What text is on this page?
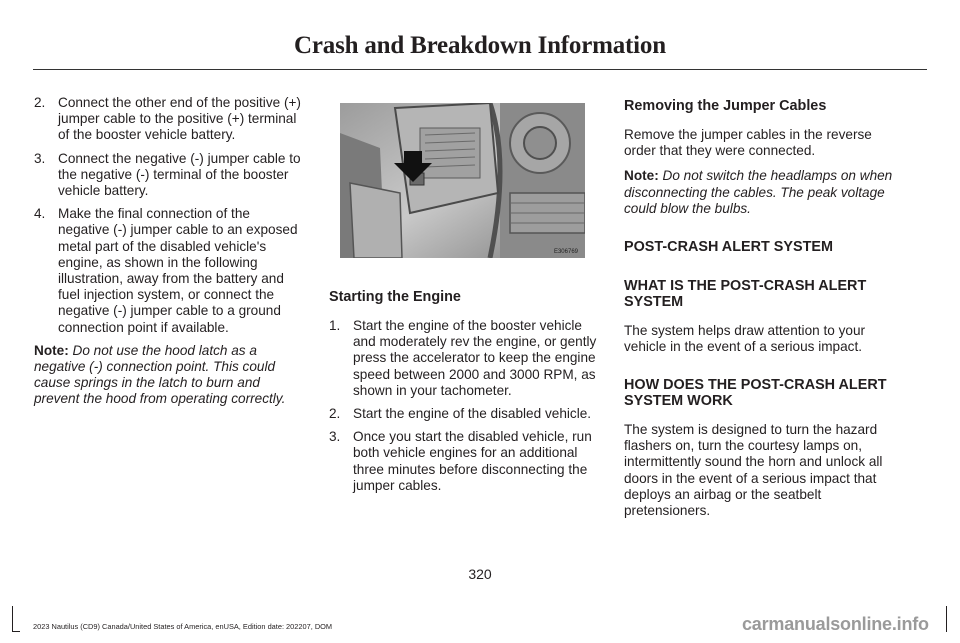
Crash and Breakdown Information
2. Connect the other end of the positive (+) jumper cable to the positive (+) terminal of the booster vehicle battery.
3. Connect the negative (-) jumper cable to the negative (-) terminal of the booster vehicle battery.
4. Make the final connection of the negative (-) jumper cable to an exposed metal part of the disabled vehicle's engine, as shown in the following illustration, away from the battery and fuel injection system, or connect the negative (-) jumper cable to a ground connection point if available.

Note: Do not use the hood latch as a negative (-) connection point. This could cause springs in the latch to burn and prevent the hood from operating correctly.

E306769
Starting the Engine
1. Start the engine of the booster vehicle and moderately rev the engine, or gently press the accelerator to keep the engine speed between 2000 and 3000 RPM, as shown in your tachometer.
2. Start the engine of the disabled vehicle.
3. Once you start the disabled vehicle, run both vehicle engines for an additional three minutes before disconnecting the jumper cables.
Removing the Jumper Cables

Remove the jumper cables in the reverse order that they were connected.

Note: Do not switch the headlamps on when disconnecting the cables. The peak voltage could blow the bulbs.

POST-CRASH ALERT SYSTEM
WHAT IS THE POST-CRASH ALERT SYSTEM

The system helps draw attention to your vehicle in the event of a serious impact.

HOW DOES THE POST-CRASH ALERT SYSTEM WORK

The system is designed to turn the hazard flashers on, turn the courtesy lamps on, intermittently sound the horn and unlock all doors in the event of a serious impact that deploys an airbag or the seatbelt pretensioners.

320
2023 Nautilus (CD9) Canada/United States of America, enUSA, Edition date: 202207, DOM	carmanualsonline.info
